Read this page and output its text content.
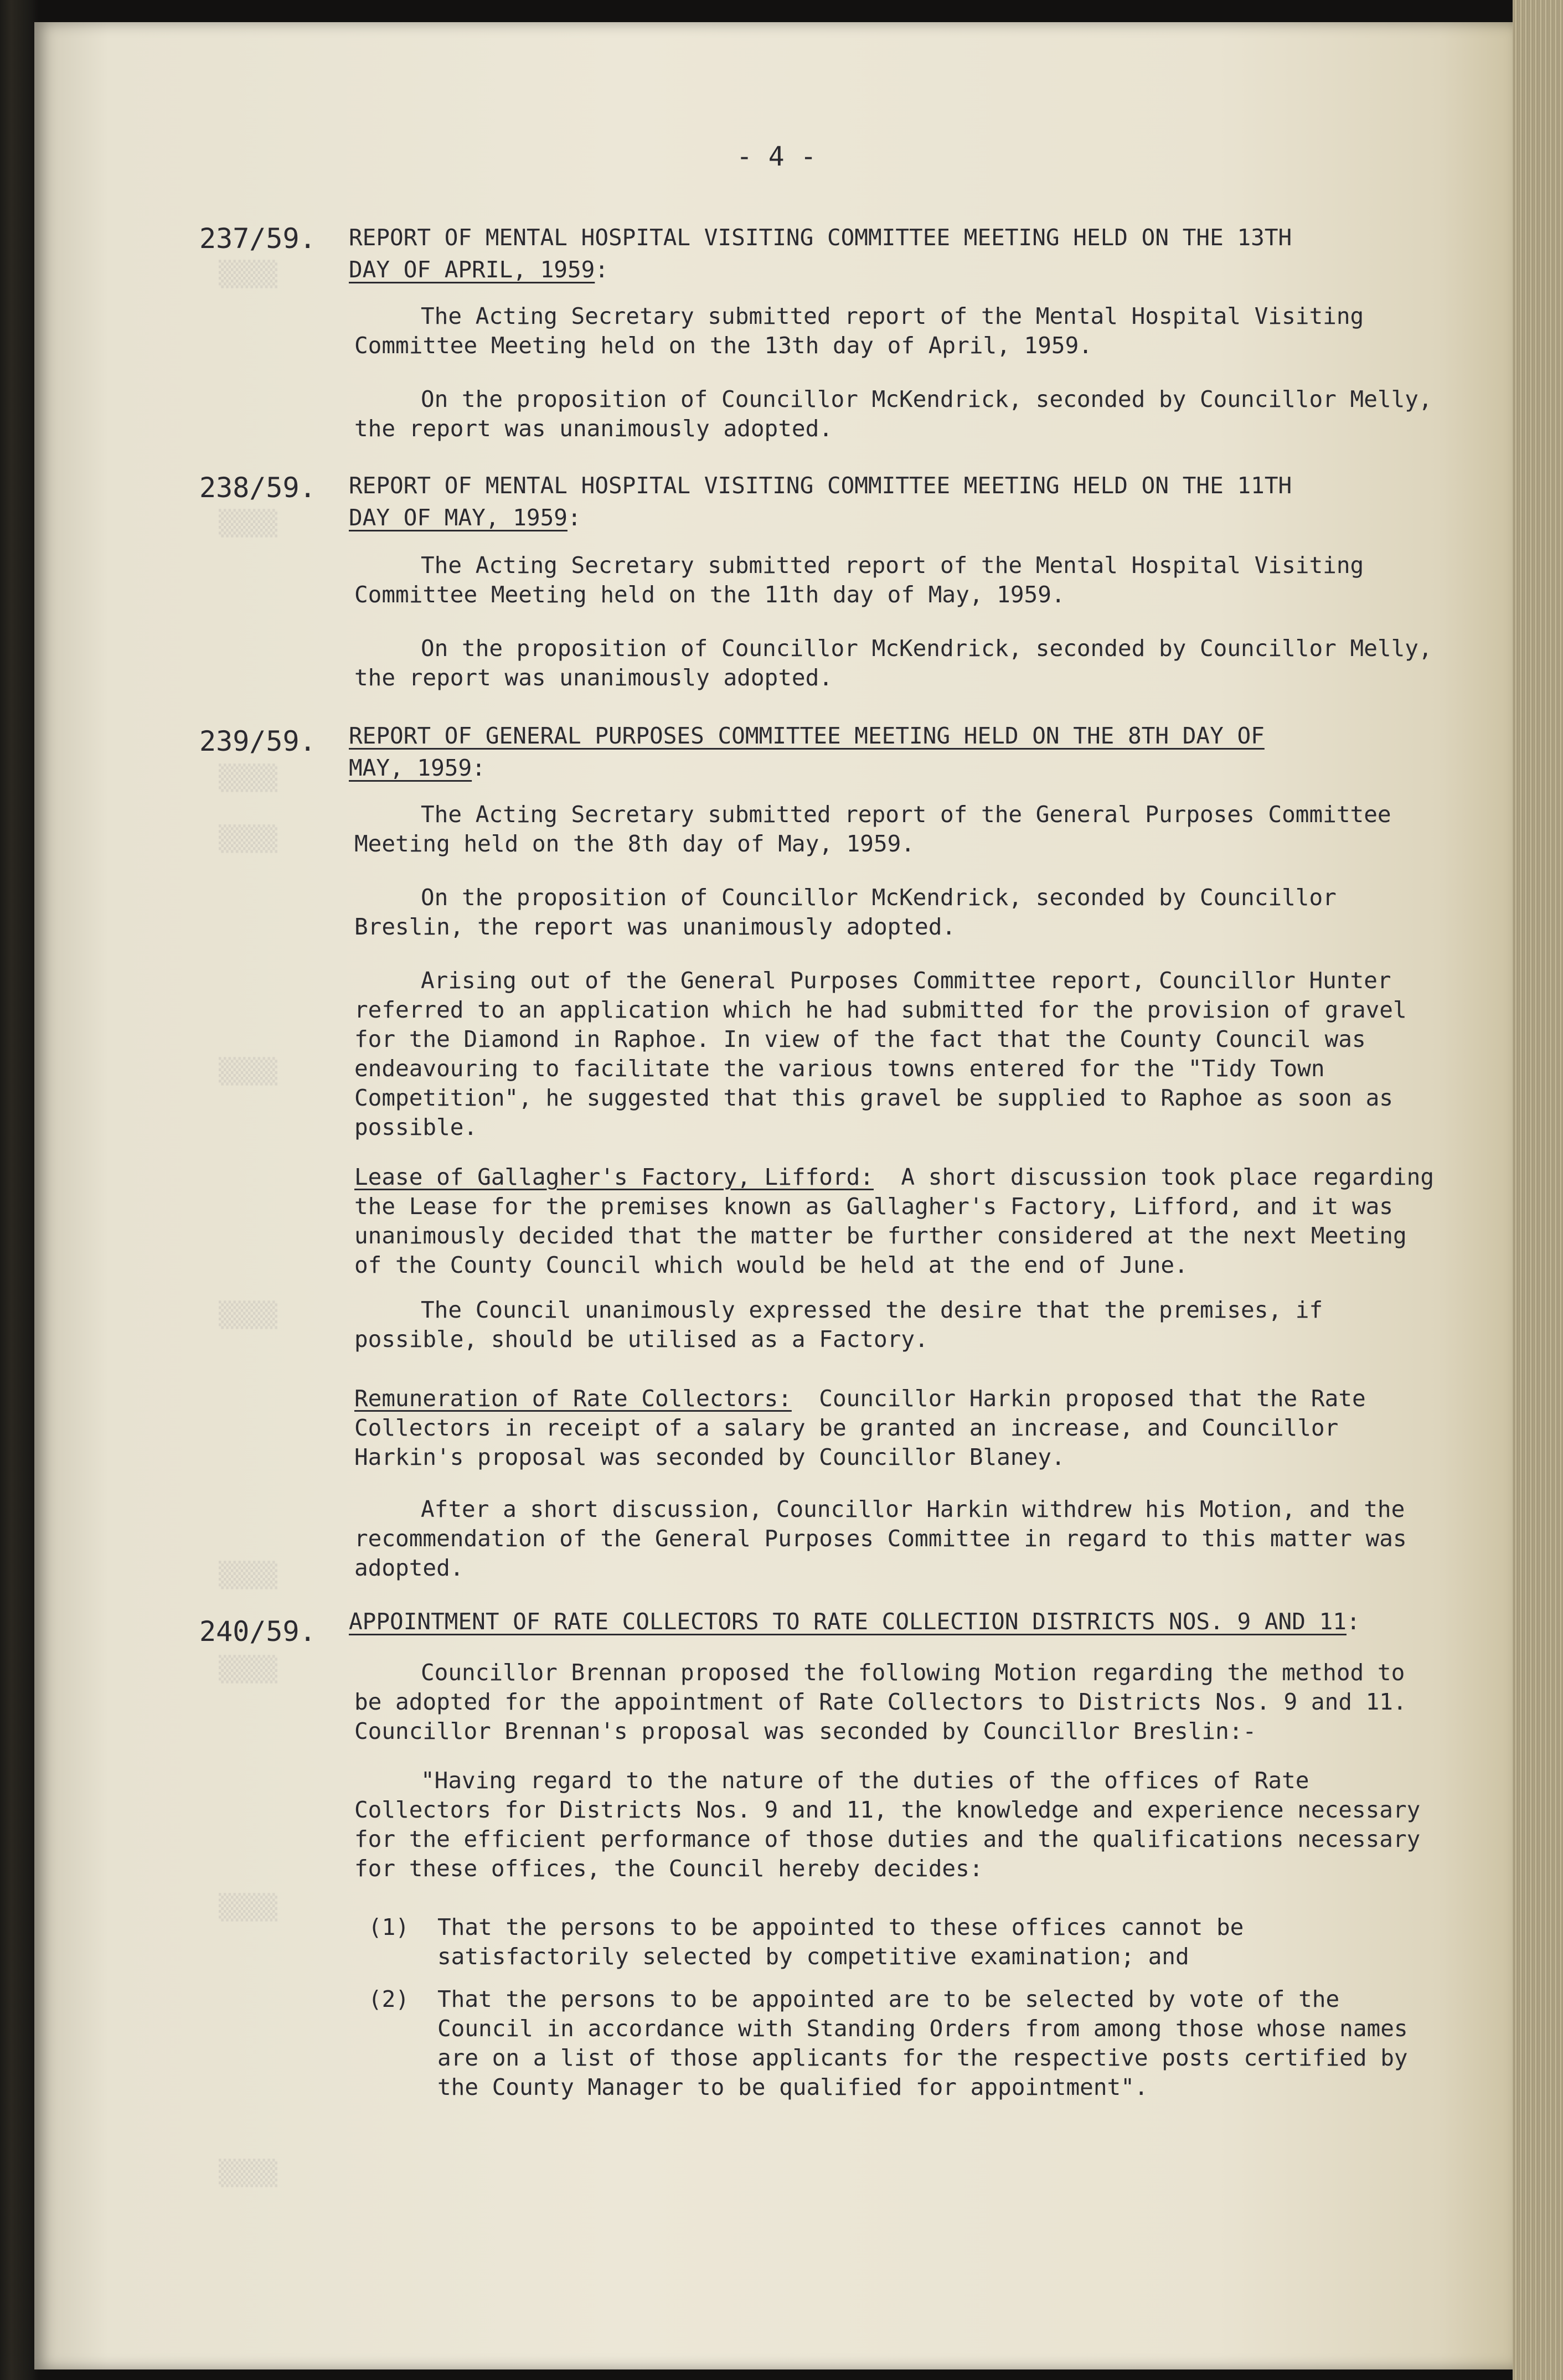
▒▒▒▒
▒▒▒▒
▒▒▒▒
▒▒▒▒
▒▒▒▒
▒▒▒▒
▒▒▒▒
▒▒▒▒
▒▒▒▒
▒▒▒▒
- 4 -
237/59. REPORT OF MENTAL HOSPITAL VISITING COMMITTEE MEETING HELD ON THE 13TH
DAY OF APRIL, 1959:

The Acting Secretary submitted report of the Mental Hospital Visiting Committee Meeting held on the 13th day of April, 1959.

On the proposition of Councillor McKendrick, seconded by Councillor Melly, the report was unanimously adopted.

238/59. REPORT OF MENTAL HOSPITAL VISITING COMMITTEE MEETING HELD ON THE 11TH
DAY OF MAY, 1959:

The Acting Secretary submitted report of the Mental Hospital Visiting Committee Meeting held on the 11th day of May, 1959.

On the proposition of Councillor McKendrick, seconded by Councillor Melly, the report was unanimously adopted.

239/59. REPORT OF GENERAL PURPOSES COMMITTEE MEETING HELD ON THE 8TH DAY OF
MAY, 1959:

The Acting Secretary submitted report of the General Purposes Committee Meeting held on the 8th day of May, 1959.

On the proposition of Councillor McKendrick, seconded by Councillor Breslin, the report was unanimously adopted.

Arising out of the General Purposes Committee report, Councillor Hunter referred to an application which he had submitted for the provision of gravel for the Diamond in Raphoe. In view of the fact that the County Council was endeavouring to facilitate the various towns entered for the "Tidy Town Competition", he suggested that this gravel be supplied to Raphoe as soon as possible.

Lease of Gallagher's Factory, Lifford: A short discussion took place regarding the Lease for the premises known as Gallagher's Factory, Lifford, and it was unanimously decided that the matter be further considered at the next Meeting of the County Council which would be held at the end of June.

The Council unanimously expressed the desire that the premises, if possible, should be utilised as a Factory.

Remuneration of Rate Collectors: Councillor Harkin proposed that the Rate Collectors in receipt of a salary be granted an increase, and Councillor Harkin's proposal was seconded by Councillor Blaney.

After a short discussion, Councillor Harkin withdrew his Motion, and the recommendation of the General Purposes Committee in regard to this matter was adopted.

240/59. APPOINTMENT OF RATE COLLECTORS TO RATE COLLECTION DISTRICTS NOS. 9 AND 11:

Councillor Brennan proposed the following Motion regarding the method to be adopted for the appointment of Rate Collectors to Districts Nos. 9 and 11. Councillor Brennan's proposal was seconded by Councillor Breslin:-

"Having regard to the nature of the duties of the offices of Rate Collectors for Districts Nos. 9 and 11, the knowledge and experience necessary for the efficient performance of those duties and the qualifications necessary for these offices, the Council hereby decides:

(1) That the persons to be appointed to these offices cannot be satisfactorily selected by competitive examination; and
(2) That the persons to be appointed are to be selected by vote of the Council in accordance with Standing Orders from among those whose names are on a list of those applicants for the respective posts certified by the County Manager to be qualified for appointment".
